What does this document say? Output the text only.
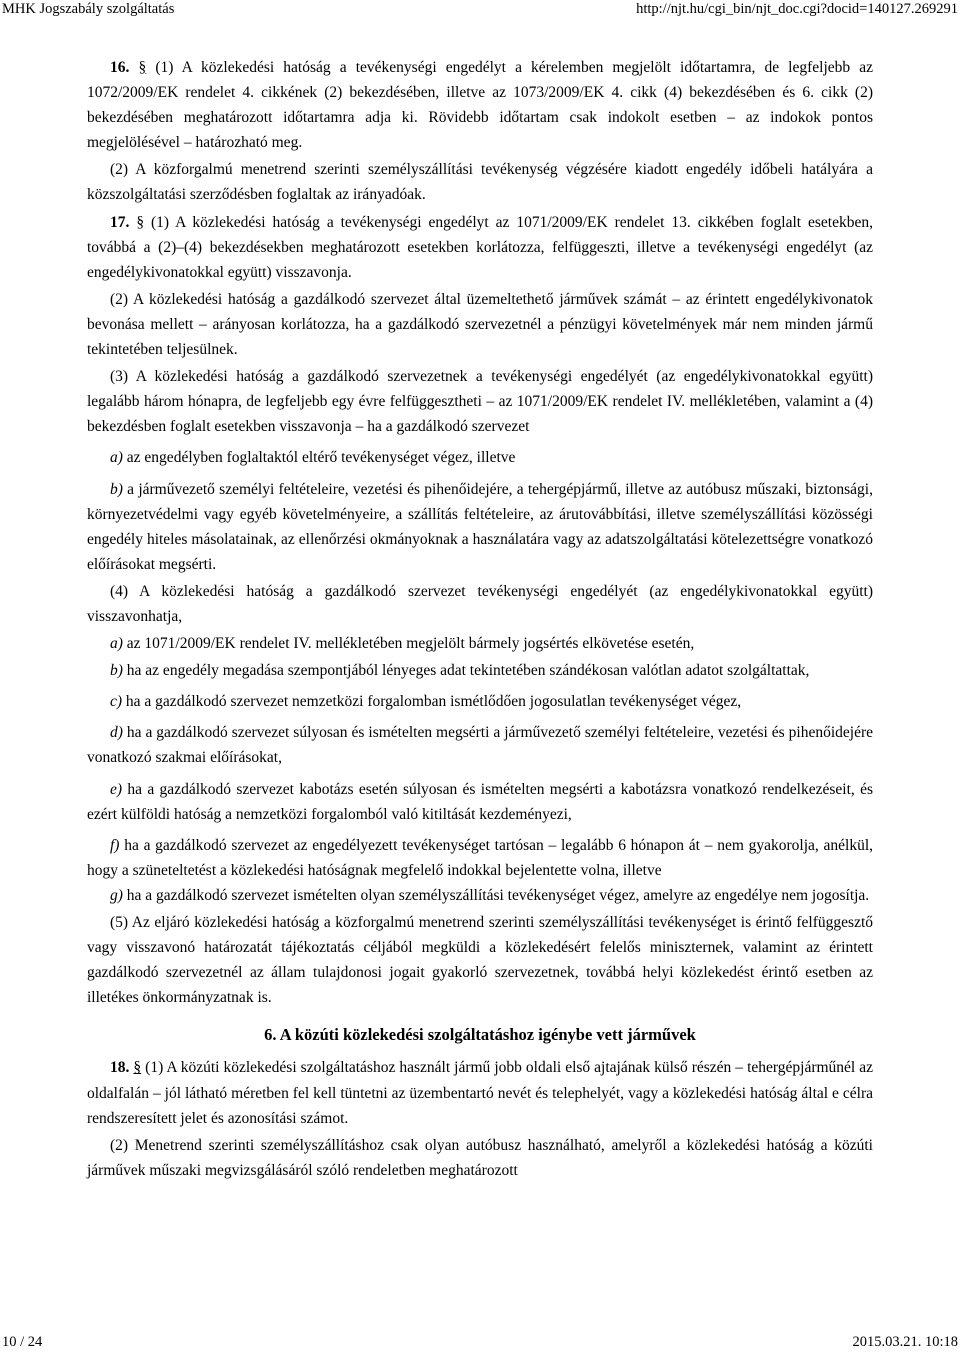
MHK Jogszabály szolgáltatás	http://njt.hu/cgi_bin/njt_doc.cgi?docid=140127.269291

16. § (1) A közlekedési hatóság a tevékenységi engedélyt a kérelemben megjelölt időtartamra, de legfeljebb az 1072/2009/EK rendelet 4. cikkének (2) bekezdésében, illetve az 1073/2009/EK 4. cikk (4) bekezdésében és 6. cikk (2) bekezdésében meghatározott időtartamra adja ki. Rövidebb időtartam csak indokolt esetben – az indokok pontos megjelölésével – határozható meg.

(2) A közforgalmú menetrend szerinti személyszállítási tevékenység végzésére kiadott engedély időbeli hatályára a közszolgáltatási szerződésben foglaltak az irányadóak.

17. § (1) A közlekedési hatóság a tevékenységi engedélyt az 1071/2009/EK rendelet 13. cikkében foglalt esetekben, továbbá a (2)–(4) bekezdésekben meghatározott esetekben korlátozza, felfüggeszti, illetve a tevékenységi engedélyt (az engedélykivonatokkal együtt) visszavonja.

(2) A közlekedési hatóság a gazdálkodó szervezet által üzemeltethető járművek számát – az érintett engedélykivonatok bevonása mellett – arányosan korlátozza, ha a gazdálkodó szervezetnél a pénzügyi követelmények már nem minden jármű tekintetében teljesülnek.

(3) A közlekedési hatóság a gazdálkodó szervezetnek a tevékenységi engedélyét (az engedélykivonatokkal együtt) legalább három hónapra, de legfeljebb egy évre felfüggesztheti – az 1071/2009/EK rendelet IV. mellékletében, valamint a (4) bekezdésben foglalt esetekben visszavonja – ha a gazdálkodó szervezet

a) az engedélyben foglaltaktól eltérő tevékenységet végez, illetve

b) a járművezető személyi feltételeire, vezetési és pihenőidejére, a tehergépjármű, illetve az autóbusz műszaki, biztonsági, környezetvédelmi vagy egyéb követelményeire, a szállítás feltételeire, az árutovábbítási, illetve személyszállítási közösségi engedély hiteles másolatainak, az ellenőrzési okmányoknak a használatára vagy az adatszolgáltatási kötelezettségre vonatkozó előírásokat megsérti.

(4) A közlekedési hatóság a gazdálkodó szervezet tevékenységi engedélyét (az engedélykivonatokkal együtt) visszavonhatja,

a) az 1071/2009/EK rendelet IV. mellékletében megjelölt bármely jogsértés elkövetése esetén,

b) ha az engedély megadása szempontjából lényeges adat tekintetében szándékosan valótlan adatot szolgáltattak,

c) ha a gazdálkodó szervezet nemzetközi forgalomban ismétlődően jogosulatlan tevékenységet végez,

d) ha a gazdálkodó szervezet súlyosan és ismételten megsérti a járművezető személyi feltételeire, vezetési és pihenőidejére vonatkozó szakmai előírásokat,

e) ha a gazdálkodó szervezet kabotázs esetén súlyosan és ismételten megsérti a kabotázsra vonatkozó rendelkezéseit, és ezért külföldi hatóság a nemzetközi forgalomból való kitiltását kezdeményezi,

f) ha a gazdálkodó szervezet az engedélyezett tevékenységet tartósan – legalább 6 hónapon át – nem gyakorolja, anélkül, hogy a szüneteltetést a közlekedési hatóságnak megfelelő indokkal bejelentette volna, illetve

g) ha a gazdálkodó szervezet ismételten olyan személyszállítási tevékenységet végez, amelyre az engedélye nem jogosítja.

(5) Az eljáró közlekedési hatóság a közforgalmú menetrend szerinti személyszállítási tevékenységet is érintő felfüggesztő vagy visszavonó határozatát tájékoztatás céljából megküldi a közlekedésért felelős miniszternek, valamint az érintett gazdálkodó szervezetnél az állam tulajdonosi jogait gyakorló szervezetnek, továbbá helyi közlekedést érintő esetben az illetékes önkormányzatnak is.

6. A közúti közlekedési szolgáltatáshoz igénybe vett járművek

18. § (1) A közúti közlekedési szolgáltatáshoz használt jármű jobb oldali első ajtajának külső részén – tehergépjárműnél az oldalfalán – jól látható méretben fel kell tüntetni az üzembentartó nevét és telephelyét, vagy a közlekedési hatóság által e célra rendszeresített jelet és azonosítási számot.

(2) Menetrend szerinti személyszállításhoz csak olyan autóbusz használható, amelyről a közlekedési hatóság a közúti járművek műszaki megvizsgálásáról szóló rendeletben meghatározott

10 / 24	2015.03.21. 10:18
